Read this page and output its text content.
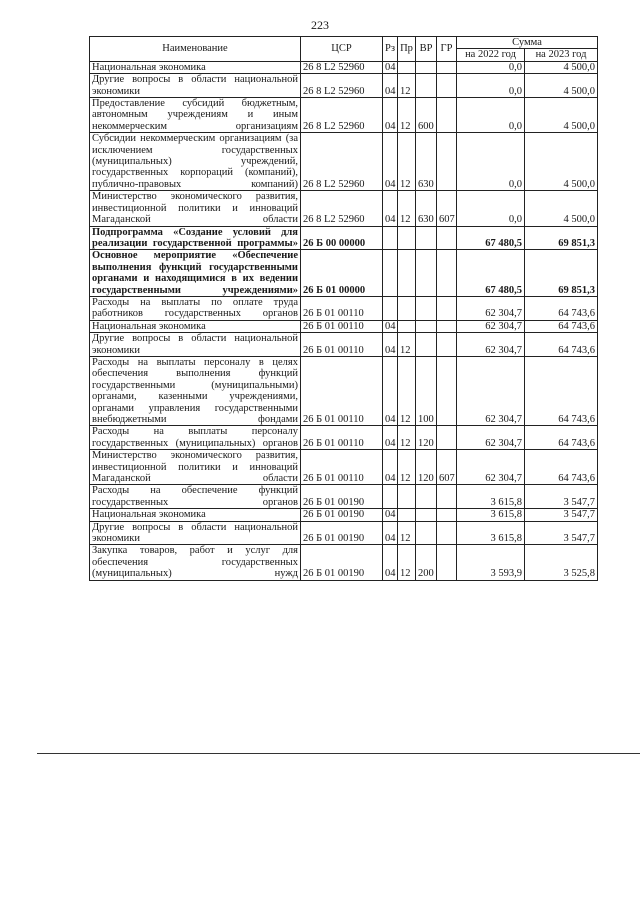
223
Наименование	ЦСР	Рз	Пр	ВР	ГР	Сумма	
						на 2022 год	на 2023 год
Национальная экономика	26 8 L2 52960	04				0,0	4 500,0
Другие вопросы в области национальной экономики	26 8 L2 52960	04	12			0,0	4 500,0
Предоставление субсидий бюджетным, автономным учреждениям и иным некоммерческим организациям	26 8 L2 52960	04	12	600		0,0	4 500,0
Субсидии некоммерческим организациям (за исключением государственных (муниципальных) учреждений, государственных корпораций (компаний), публично-правовых компаний)	26 8 L2 52960	04	12	630		0,0	4 500,0
Министерство экономического развития, инвестиционной политики и инноваций Магаданской области	26 8 L2 52960	04	12	630	607	0,0	4 500,0
Подпрограмма «Создание условий для реализации государственной программы»	26 Б 00 00000					67 480,5	69 851,3
Основное мероприятие «Обеспечение выполнения функций государственными органами и находящимися в их ведении государственными учреждениями»	26 Б 01 00000					67 480,5	69 851,3
Расходы на выплаты по оплате труда работников государственных органов	26 Б 01 00110					62 304,7	64 743,6
Национальная экономика	26 Б 01 00110	04				62 304,7	64 743,6
Другие вопросы в области национальной экономики	26 Б 01 00110	04	12			62 304,7	64 743,6
Расходы на выплаты персоналу в целях обеспечения выполнения функций государственными (муниципальными) органами, казенными учреждениями, органами управления государственными внебюджетными фондами	26 Б 01 00110	04	12	100		62 304,7	64 743,6
Расходы на выплаты персоналу государственных (муниципальных) органов	26 Б 01 00110	04	12	120		62 304,7	64 743,6
Министерство экономического развития, инвестиционной политики и инноваций Магаданской области	26 Б 01 00110	04	12	120	607	62 304,7	64 743,6
Расходы на обеспечение функций государственных органов	26 Б 01 00190					3 615,8	3 547,7
Национальная экономика	26 Б 01 00190	04				3 615,8	3 547,7
Другие вопросы в области национальной экономики	26 Б 01 00190	04	12			3 615,8	3 547,7
Закупка товаров, работ и услуг для обеспечения государственных (муниципальных) нужд	26 Б 01 00190	04	12	200		3 593,9	3 525,8
